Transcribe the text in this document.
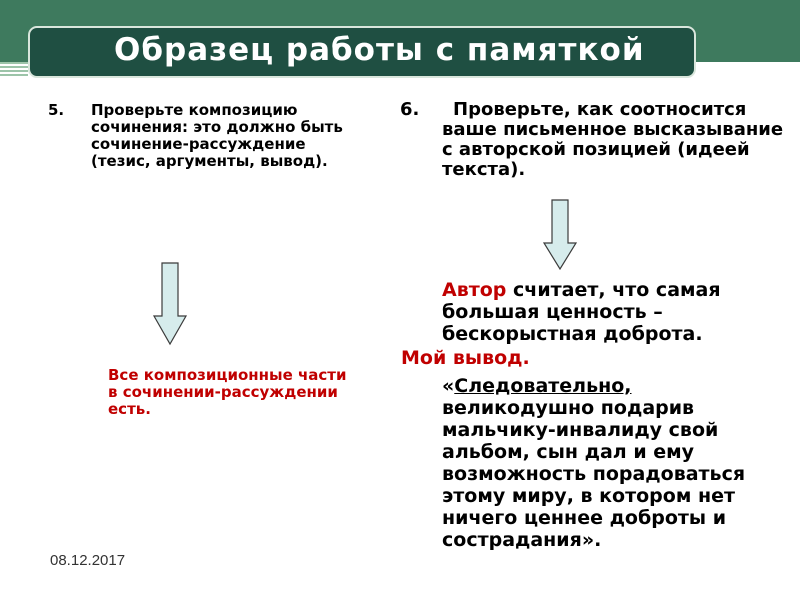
Образец работы с памяткой
5.	Проверьте композицию
сочинения: это должно быть сочинение-рассуждение (тезис, аргументы, вывод).
Все композиционные части в сочинении-рассуждении есть.
6.	Проверьте, как соотносится
ваше письменное высказывание с авторской позицией (идеей текста).
Автор считает, что самая большая ценность – бескорыстная доброта.
Мой вывод.
«Следовательно, великодушно подарив мальчику-инвалиду свой альбом, сын дал и ему возможность порадоваться этому миру, в котором нет ничего ценнее доброты и сострадания».
08.12.2017
